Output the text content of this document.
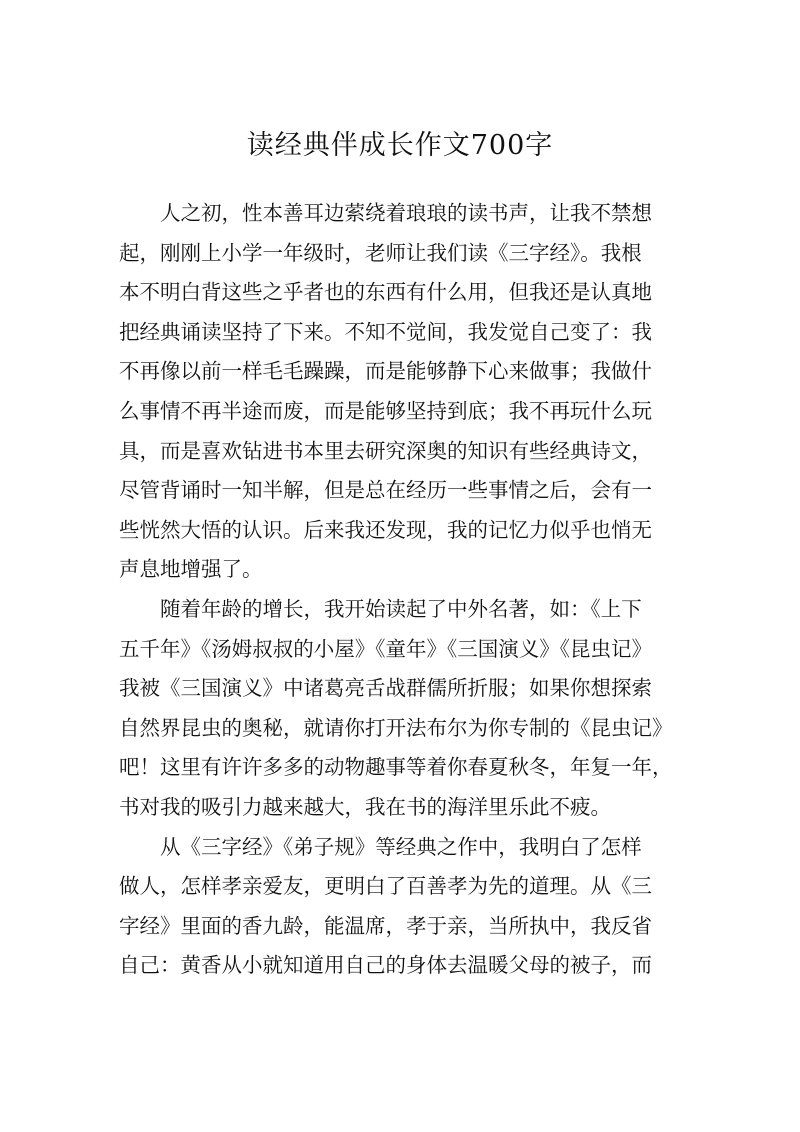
读经典伴成长作文700字

人之初，性本善耳边萦绕着琅琅的读书声，让我不禁想
起，刚刚上小学一年级时，老师让我们读《三字经》。我根
本不明白背这些之乎者也的东西有什么用，但我还是认真地
把经典诵读坚持了下来。不知不觉间，我发觉自己变了：我
不再像以前一样毛毛躁躁，而是能够静下心来做事；我做什
么事情不再半途而废，而是能够坚持到底；我不再玩什么玩
具，而是喜欢钻进书本里去研究深奥的知识有些经典诗文，
尽管背诵时一知半解，但是总在经历一些事情之后，会有一
些恍然大悟的认识。后来我还发现，我的记忆力似乎也悄无
声息地增强了。

随着年龄的增长，我开始读起了中外名著，如：《上下
五千年》《汤姆叔叔的小屋》《童年》《三国演义》《昆虫记》
我被《三国演义》中诸葛亮舌战群儒所折服；如果你想探索
自然界昆虫的奥秘，就请你打开法布尔为你专制的《昆虫记》
吧！这里有许许多多的动物趣事等着你春夏秋冬，年复一年，
书对我的吸引力越来越大，我在书的海洋里乐此不疲。

从《三字经》《弟子规》等经典之作中，我明白了怎样
做人，怎样孝亲爱友，更明白了百善孝为先的道理。从《三
字经》里面的香九龄，能温席，孝于亲，当所执中，我反省
自己：黄香从小就知道用自己的身体去温暖父母的被子，而
